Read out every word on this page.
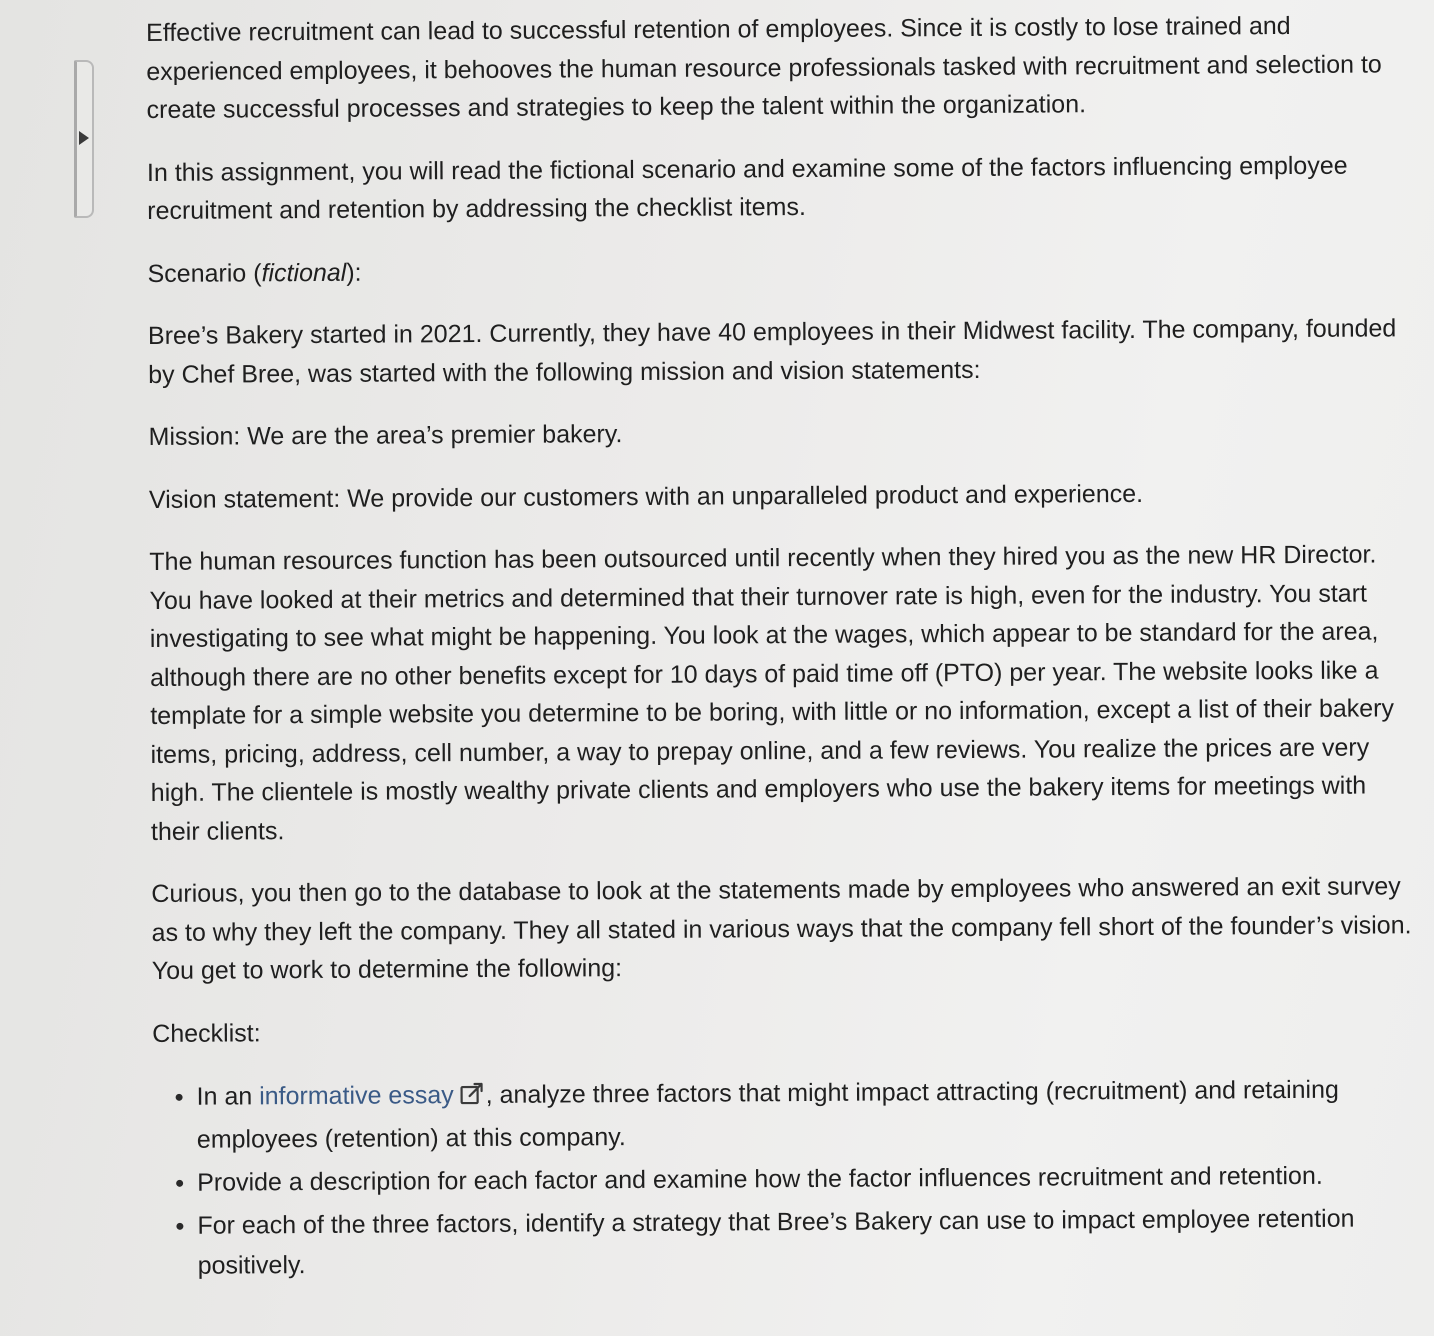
Effective recruitment can lead to successful retention of employees. Since it is costly to lose trained and experienced employees, it behooves the human resource professionals tasked with recruitment and selection to create successful processes and strategies to keep the talent within the organization.

In this assignment, you will read the fictional scenario and examine some of the factors influencing employee recruitment and retention by addressing the checklist items.

Scenario (fictional):

Bree’s Bakery started in 2021. Currently, they have 40 employees in their Midwest facility. The company, founded by Chef Bree, was started with the following mission and vision statements:

Mission: We are the area’s premier bakery.

Vision statement: We provide our customers with an unparalleled product and experience.

The human resources function has been outsourced until recently when they hired you as the new HR Director. You have looked at their metrics and determined that their turnover rate is high, even for the industry. You start investigating to see what might be happening. You look at the wages, which appear to be standard for the area, although there are no other benefits except for 10 days of paid time off (PTO) per year. The website looks like a template for a simple website you determine to be boring, with little or no information, except a list of their bakery items, pricing, address, cell number, a way to prepay online, and a few reviews. You realize the prices are very high. The clientele is mostly wealthy private clients and employers who use the bakery items for meetings with their clients.

Curious, you then go to the database to look at the statements made by employees who answered an exit survey as to why they left the company. They all stated in various ways that the company fell short of the founder’s vision. You get to work to determine the following:

Checklist:

In an informative essay , analyze three factors that might impact attracting (recruitment) and retaining employees (retention) at this company.
Provide a description for each factor and examine how the factor influences recruitment and retention.
For each of the three factors, identify a strategy that Bree’s Bakery can use to impact employee retention positively.
